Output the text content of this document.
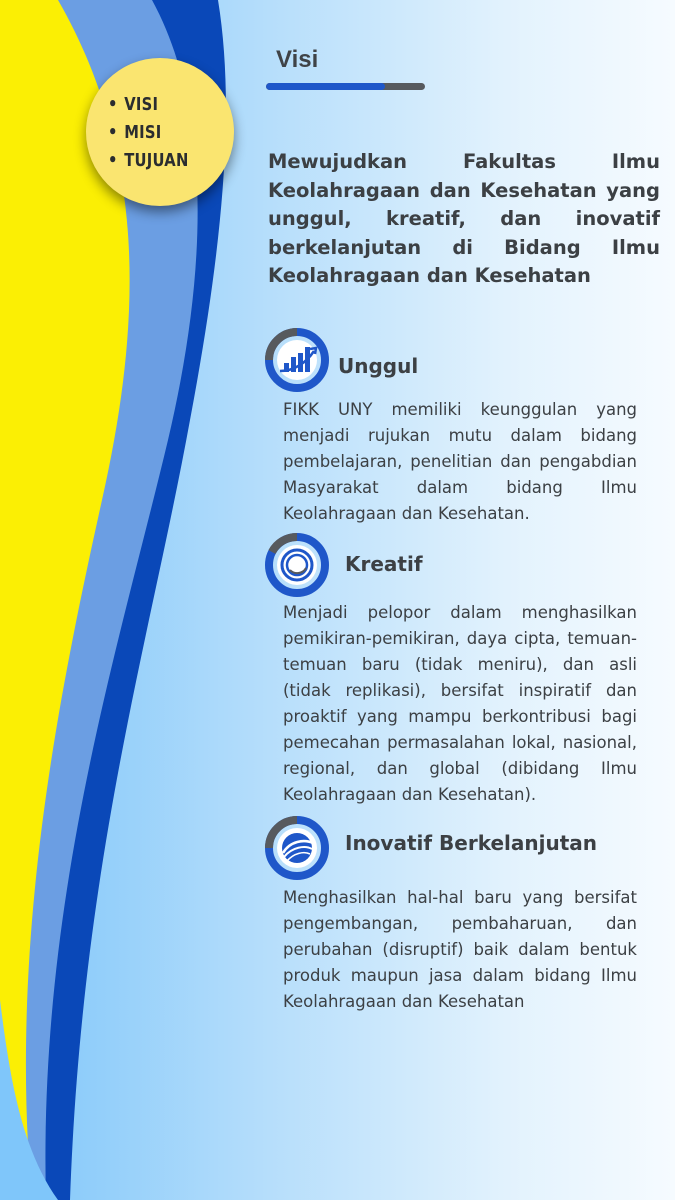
• VISI
• MISI
• TUJUAN
Visi

Mewujudkan Fakultas Ilmu Keolahragaan dan Kesehatan yang unggul, kreatif, dan inovatif berkelanjutan di Bidang Ilmu Keolahragaan dan Kesehatan

Unggul

FIKK UNY memiliki keunggulan yang menjadi rujukan mutu dalam bidang pembelajaran, penelitian dan pengabdian Masyarakat dalam bidang Ilmu Keolahragaan dan Kesehatan.

Kreatif

Menjadi pelopor dalam menghasilkan pemikiran-pemikiran, daya cipta, temuan-temuan baru (tidak meniru), dan asli (tidak replikasi), bersifat inspiratif dan proaktif yang mampu berkontribusi bagi pemecahan permasalahan lokal, nasional, regional, dan global (dibidang Ilmu Keolahragaan dan Kesehatan).

Inovatif Berkelanjutan

Menghasilkan hal-hal baru yang bersifat pengembangan, pembaharuan, dan perubahan (disruptif) baik dalam bentuk produk maupun jasa dalam bidang Ilmu Keolahragaan dan Kesehatan
